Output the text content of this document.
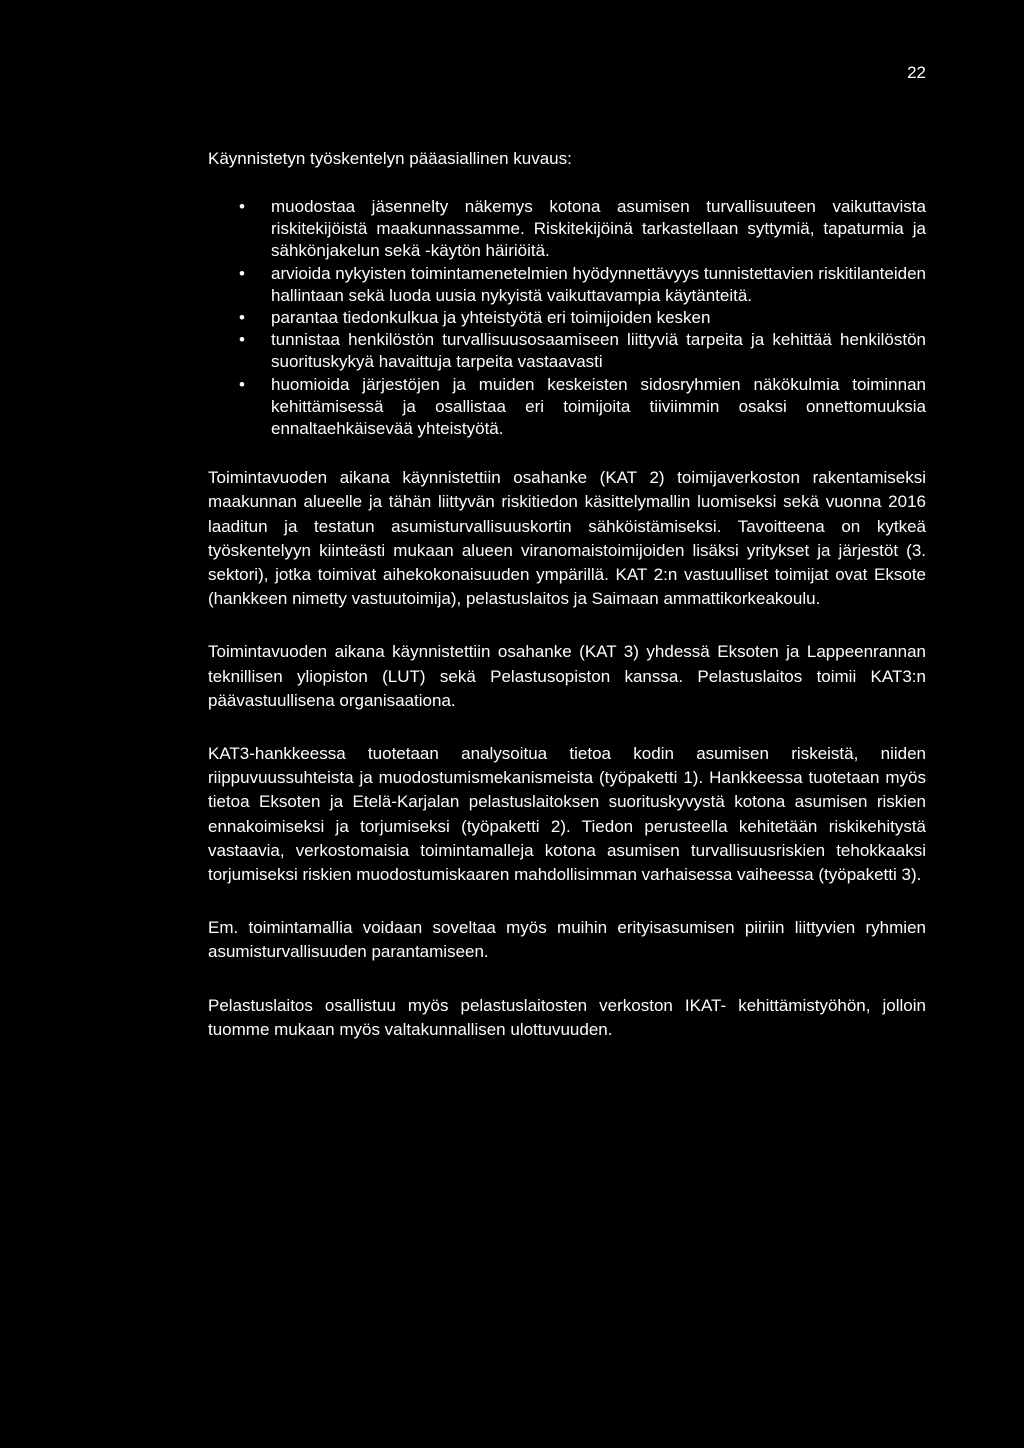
22

Käynnistetyn työskentelyn pääasiallinen kuvaus:

• muodostaa jäsennelty näkemys kotona asumisen turvallisuuteen vaikuttavista riskitekijöistä maakunnassamme. Riskitekijöinä tarkastellaan syttymiä, tapaturmia ja sähkönjakelun sekä -käytön häiriöitä.
• arvioida nykyisten toimintamenetelmien hyödynnettävyys tunnistettavien riskitilanteiden hallintaan sekä luoda uusia nykyistä vaikuttavampia käytänteitä.
• parantaa tiedonkulkua ja yhteistyötä eri toimijoiden kesken
• tunnistaa henkilöstön turvallisuusosaamiseen liittyviä tarpeita ja kehittää henkilöstön suorituskykyä havaittuja tarpeita vastaavasti
• huomioida järjestöjen ja muiden keskeisten sidosryhmien näkökulmia toiminnan kehittämisessä ja osallistaa eri toimijoita tiiviimmin osaksi onnettomuuksia ennaltaehkäisevää yhteistyötä.

Toimintavuoden aikana käynnistettiin osahanke (KAT 2) toimijaverkoston rakentamiseksi maakunnan alueelle ja tähän liittyvän riskitiedon käsittelymallin luomiseksi sekä vuonna 2016 laaditun ja testatun asumisturvallisuuskortin sähköistämiseksi. Tavoitteena on kytkeä työskentelyyn kiinteästi mukaan alueen viranomaistoimijoiden lisäksi yritykset ja järjestöt (3. sektori), jotka toimivat aihekokonaisuuden ympärillä. KAT 2:n vastuulliset toimijat ovat Eksote (hankkeen nimetty vastuutoimija), pelastuslaitos ja Saimaan ammattikorkeakoulu.

Toimintavuoden aikana käynnistettiin osahanke (KAT 3) yhdessä Eksoten ja Lappeenrannan teknillisen yliopiston (LUT) sekä Pelastusopiston kanssa. Pelastuslaitos toimii KAT3:n päävastuullisena organisaationa.

KAT3-hankkeessa tuotetaan analysoitua tietoa kodin asumisen riskeistä, niiden riippuvuussuhteista ja muodostumismekanismeista (työpaketti 1). Hankkeessa tuotetaan myös tietoa Eksoten ja Etelä-Karjalan pelastuslaitoksen suorituskyvystä kotona asumisen riskien ennakoimiseksi ja torjumiseksi (työpaketti 2). Tiedon perusteella kehitetään riskikehitystä vastaavia, verkostomaisia toimintamalleja kotona asumisen turvallisuusriskien tehokkaaksi torjumiseksi riskien muodostumiskaaren mahdollisimman varhaisessa vaiheessa (työpaketti 3).

Em. toimintamallia voidaan soveltaa myös muihin erityisasumisen piiriin liittyvien ryhmien asumisturvallisuuden parantamiseen.

Pelastuslaitos osallistuu myös pelastuslaitosten verkoston IKAT- kehittämistyöhön, jolloin tuomme mukaan myös valtakunnallisen ulottuvuuden.
